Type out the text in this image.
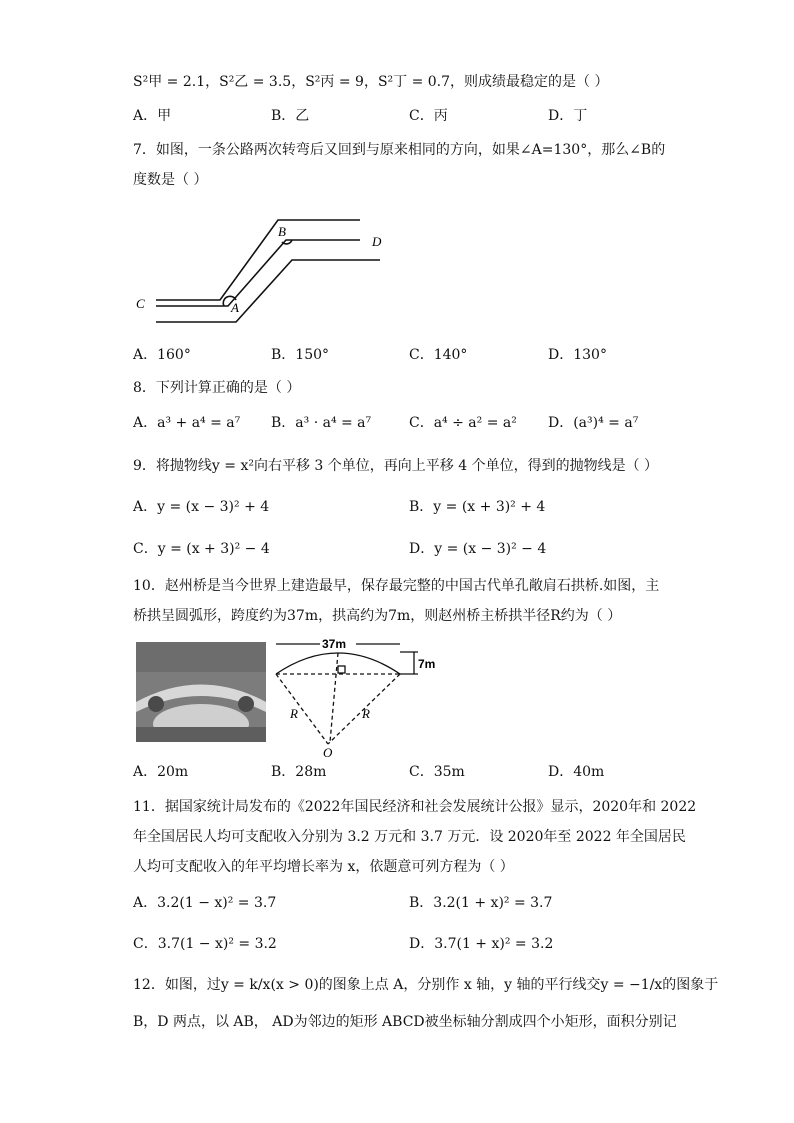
S²甲 = 2.1，S²乙 = 3.5，S²丙 = 9，S²丁 = 0.7，则成绩最稳定的是（ ）
A．甲	B．乙	C．丙	D．丁
7．如图，一条公路两次转弯后又回到与原来相同的方向，如果∠A=130°，那么∠B的
度数是（ ）
A
B
C
D
A．160°	B．150°	C．140°	D．130°
8．下列计算正确的是（ ）
A．a³ + a⁴ = a⁷ B．a³ · a⁴ = a⁷	C．a⁴ ÷ a² = a² D．(a³)⁴ = a⁷
9．将抛物线y = x²向右平移 3 个单位，再向上平移 4 个单位，得到的抛物线是（ ）
A．y = (x − 3)² + 4	B．y = (x + 3)² + 4
C．y = (x + 3)² − 4	D．y = (x − 3)² − 4
10．赵州桥是当今世界上建造最早，保存最完整的中国古代单孔敞肩石拱桥.如图，主
桥拱呈圆弧形，跨度约为37m，拱高约为7m，则赵州桥主桥拱半径R约为（ ）
37m
7m
R	R
O
A．20m	B．28m	C．35m	D．40m
11．据国家统计局发布的《2022年国民经济和社会发展统计公报》显示，2020年和 2022
年全国居民人均可支配收入分别为 3.2 万元和 3.7 万元．设 2020年至 2022 年全国居民
人均可支配收入的年平均增长率为 x，依题意可列方程为（ ）
A．3.2(1 − x)² = 3.7	B．3.2(1 + x)² = 3.7
C．3.7(1 − x)² = 3.2	D．3.7(1 + x)² = 3.2
12．如图，过y = k/x(x > 0)的图象上点 A，分别作 x 轴，y 轴的平行线交y = −1/x的图象于
B，D 两点，以 AB， AD为邻边的矩形 ABCD被坐标轴分割成四个小矩形，面积分别记
